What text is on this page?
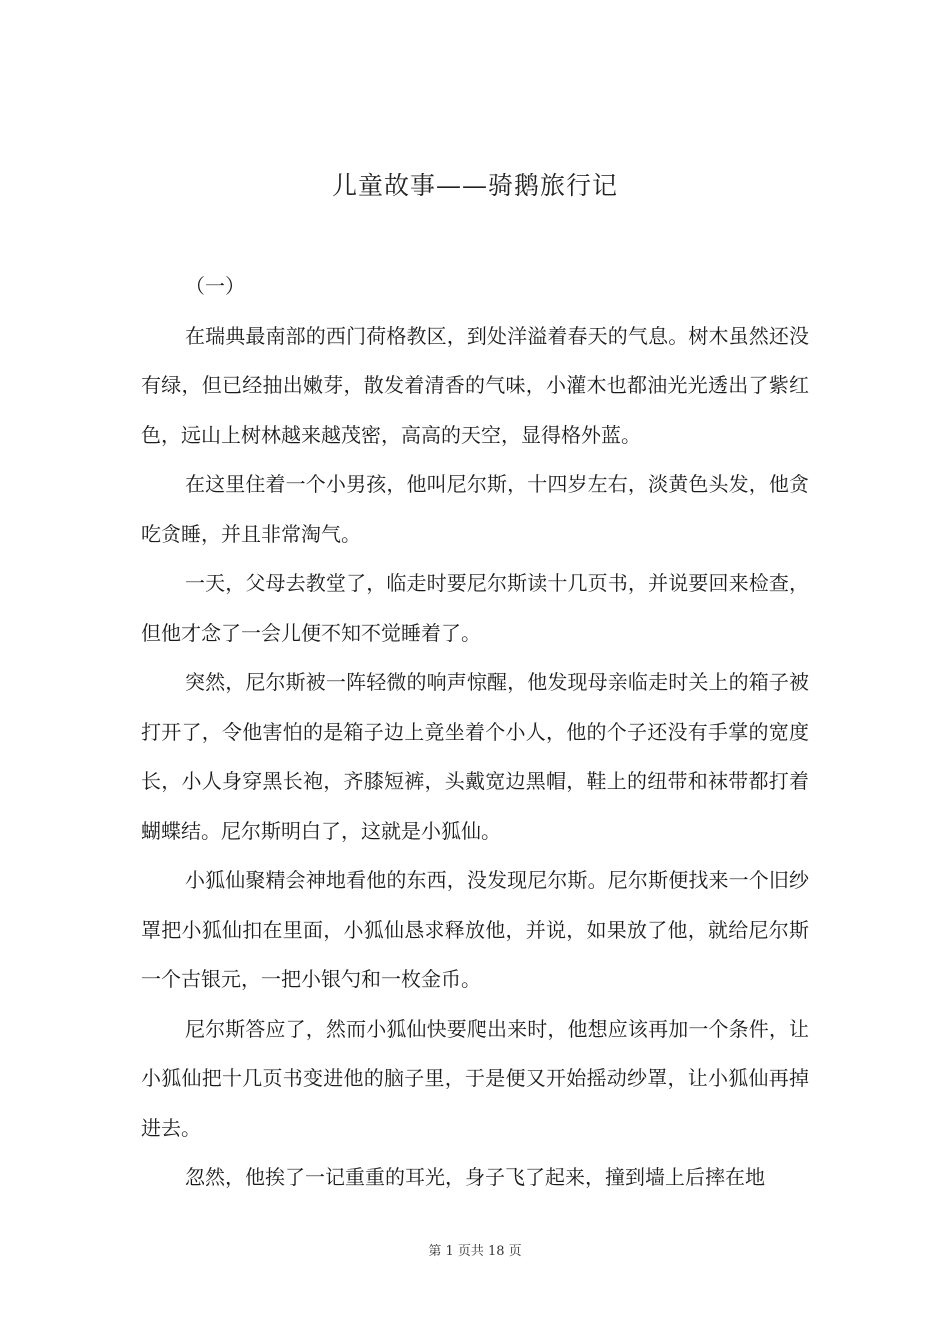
儿童故事——骑鹅旅行记

（一）

在瑞典最南部的西门荷格教区，到处洋溢着春天的气息。树木虽然还没有绿，但已经抽出嫩芽，散发着清香的气味，小灌木也都油光光透出了紫红色，远山上树林越来越茂密，高高的天空，显得格外蓝。

在这里住着一个小男孩，他叫尼尔斯，十四岁左右，淡黄色头发，他贪吃贪睡，并且非常淘气。

一天，父母去教堂了，临走时要尼尔斯读十几页书，并说要回来检查，但他才念了一会儿便不知不觉睡着了。

突然，尼尔斯被一阵轻微的响声惊醒，他发现母亲临走时关上的箱子被打开了，令他害怕的是箱子边上竟坐着个小人，他的个子还没有手掌的宽度长，小人身穿黑长袍，齐膝短裤，头戴宽边黑帽，鞋上的纽带和袜带都打着蝴蝶结。尼尔斯明白了，这就是小狐仙。

小狐仙聚精会神地看他的东西，没发现尼尔斯。尼尔斯便找来一个旧纱罩把小狐仙扣在里面，小狐仙恳求释放他，并说，如果放了他，就给尼尔斯一个古银元，一把小银勺和一枚金币。

尼尔斯答应了，然而小狐仙快要爬出来时，他想应该再加一个条件，让小狐仙把十几页书变进他的脑子里，于是便又开始摇动纱罩，让小狐仙再掉进去。

忽然，他挨了一记重重的耳光，身子飞了起来，撞到墙上后摔在地

第 1 页共 18 页
